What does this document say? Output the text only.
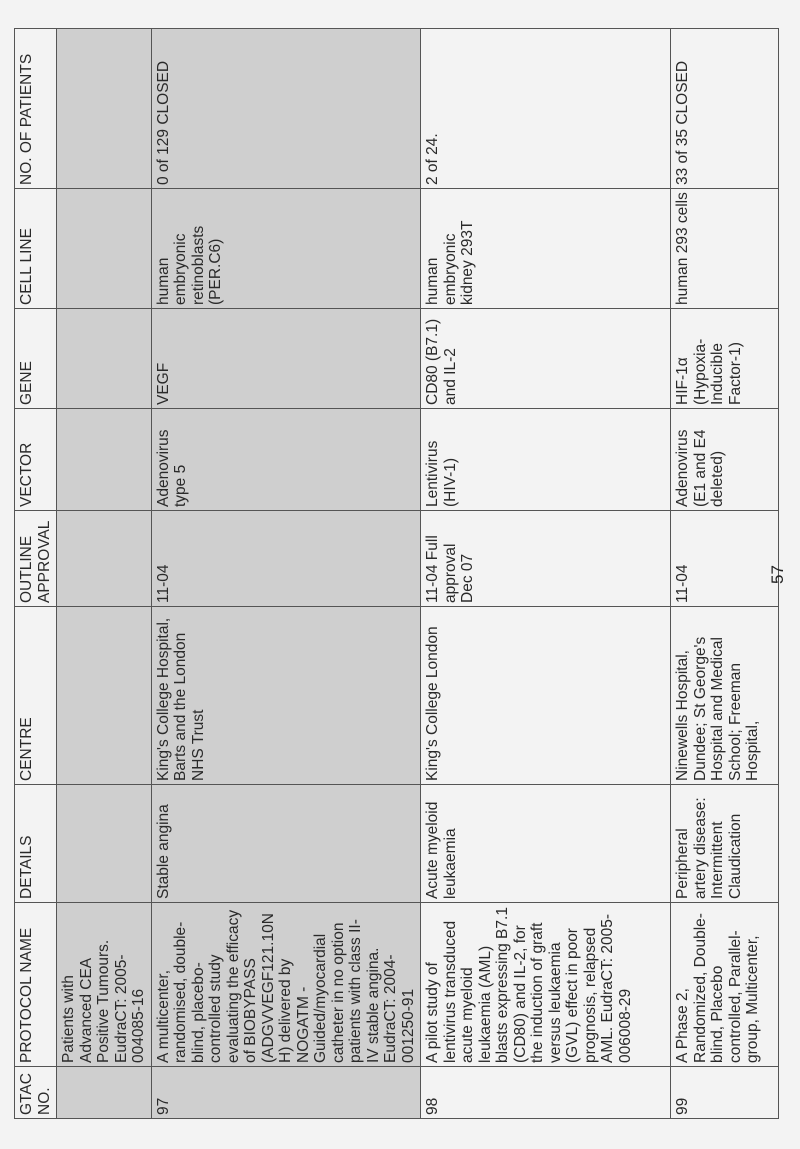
GTAC NO.	PROTOCOL NAME	DETAILS	CENTRE	OUTLINE APPROVAL	VECTOR	GENE	CELL LINE	NO. OF PATIENTS
	Patients with Advanced CEA Positive Tumours. EudraCT: 2005-004085-16							
97	A multicenter, randomised, double-blind, placebo-controlled study evaluating the efficacy of BIOBYPASS (ADGVVEGF121.10NH) delivered by NOGATM - Guided/myocardial catheter in no option patients with class II-IV stable angina. EudraCT: 2004-001250-91	Stable angina	King's College Hospital, Barts and the London NHS Trust	11-04	Adenovirus type 5	VEGF	human embryonic retinoblasts (PER.C6)	0 of 129 CLOSED
98	A pilot study of lentivirus transduced acute myeloid leukaemia (AML) blasts expressing B7.1 (CD80) and IL-2, for the induction of graft versus leukaemia (GVL) effect in poor prognosis, relapsed AML. EudraCT: 2005-006008-29	Acute myeloid leukaemia	King's College London	11-04 Full approval Dec 07	Lentivirus (HIV-1)	CD80 (B7.1) and IL-2	human embryonic kidney 293T	2 of 24.
99	A Phase 2, Randomized, Double-blind, Placebo controlled, Parallel-group, Multicenter,	Peripheral artery disease: Intermittent Claudication	Ninewells Hospital, Dundee; St George's Hospital and Medical School; Freeman Hospital,	11-04	Adenovirus (E1 and E4 deleted)	HIF-1α (Hypoxia-Inducible Factor-1)	human 293 cells	33 of 35 CLOSED
57
